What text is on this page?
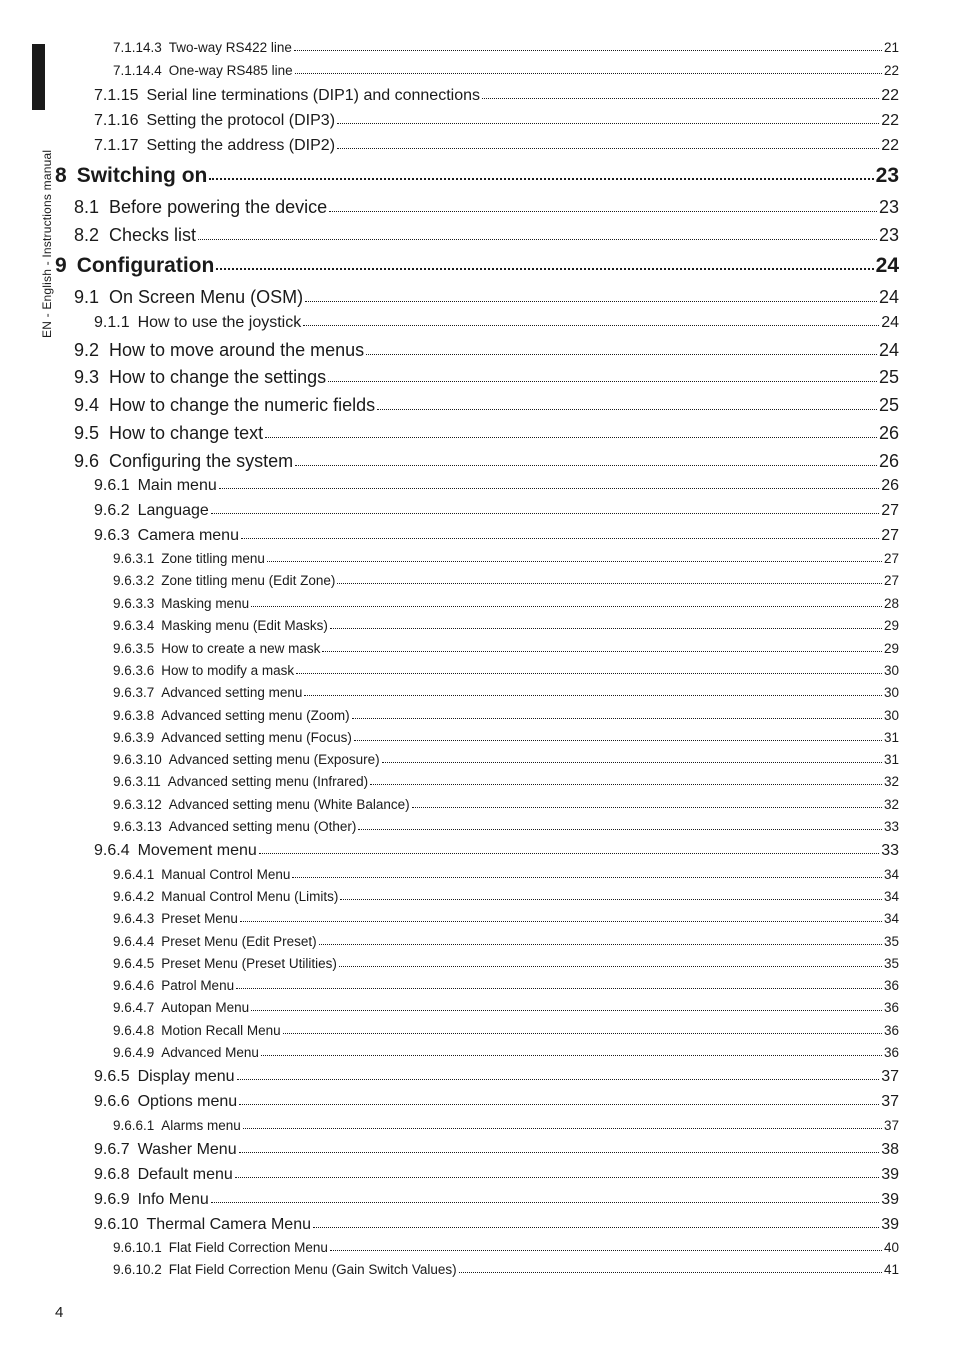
EN - English - Instructions manual
7.1.14.3 Two-way RS422 line	21
7.1.14.4 One-way RS485 line	22
7.1.15 Serial line terminations (DIP1) and connections	22
7.1.16 Setting the protocol (DIP3)	22
7.1.17 Setting the address (DIP2)	22
8 Switching on	23
8.1 Before powering the device	23
8.2 Checks list	23
9 Configuration	24
9.1 On Screen Menu (OSM)	24
9.1.1 How to use the joystick	24
9.2 How to move around the menus	24
9.3 How to change the settings	25
9.4 How to change the numeric fields	25
9.5 How to change text	26
9.6 Configuring the system	26
9.6.1 Main menu	26
9.6.2 Language	27
9.6.3 Camera menu	27
9.6.3.1 Zone titling menu	27
9.6.3.2 Zone titling menu (Edit Zone)	27
9.6.3.3 Masking menu	28
9.6.3.4 Masking menu (Edit Masks)	29
9.6.3.5 How to create a new mask	29
9.6.3.6 How to modify a mask	30
9.6.3.7 Advanced setting menu	30
9.6.3.8 Advanced setting menu (Zoom)	30
9.6.3.9 Advanced setting menu (Focus)	31
9.6.3.10 Advanced setting menu (Exposure)	31
9.6.3.11 Advanced setting menu (Infrared)	32
9.6.3.12 Advanced setting menu (White Balance)	32
9.6.3.13 Advanced setting menu (Other)	33
9.6.4 Movement menu	33
9.6.4.1 Manual Control Menu	34
9.6.4.2 Manual Control Menu (Limits)	34
9.6.4.3 Preset Menu	34
9.6.4.4 Preset Menu (Edit Preset)	35
9.6.4.5 Preset Menu (Preset Utilities)	35
9.6.4.6 Patrol Menu	36
9.6.4.7 Autopan Menu	36
9.6.4.8 Motion Recall Menu	36
9.6.4.9 Advanced Menu	36
9.6.5 Display menu	37
9.6.6 Options menu	37
9.6.6.1 Alarms menu	37
9.6.7 Washer Menu	38
9.6.8 Default menu	39
9.6.9 Info Menu	39
9.6.10 Thermal Camera Menu	39
9.6.10.1 Flat Field Correction Menu	40
9.6.10.2 Flat Field Correction Menu (Gain Switch Values)	41
4
